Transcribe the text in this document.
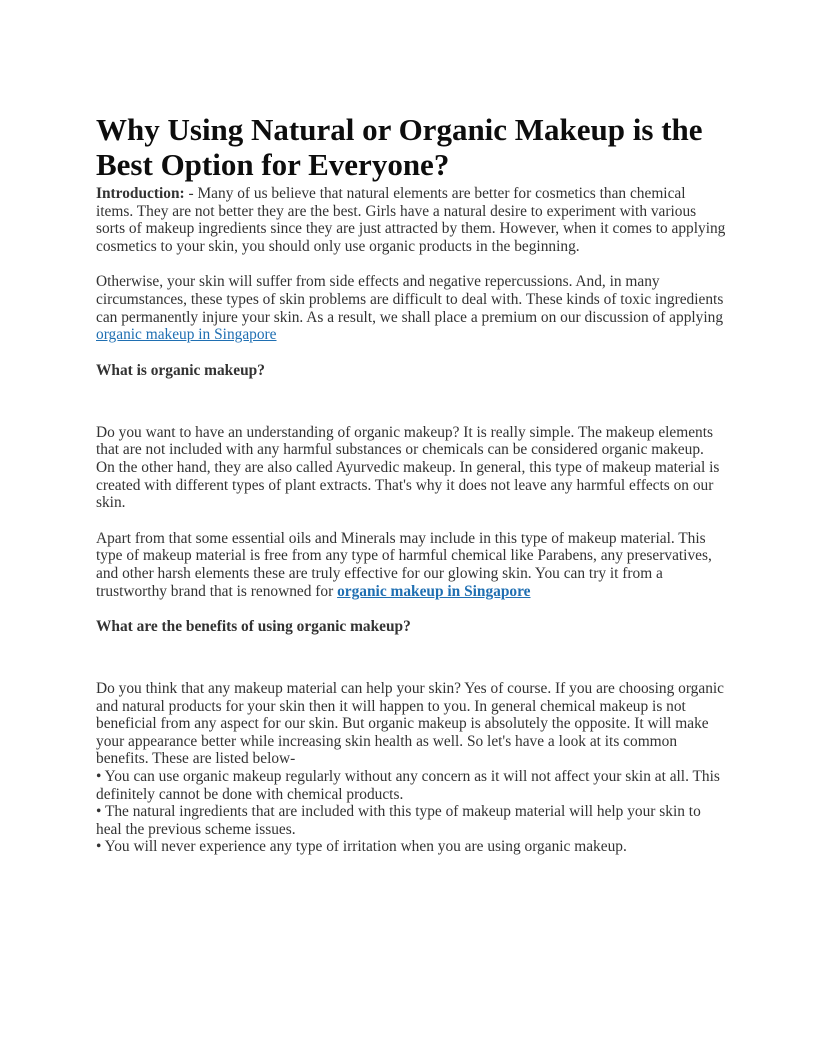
Why Using Natural or Organic Makeup is the Best Option for Everyone?

Introduction: - Many of us believe that natural elements are better for cosmetics than chemical items. They are not better they are the best. Girls have a natural desire to experiment with various sorts of makeup ingredients since they are just attracted by them. However, when it comes to applying cosmetics to your skin, you should only use organic products in the beginning.

Otherwise, your skin will suffer from side effects and negative repercussions. And, in many circumstances, these types of skin problems are difficult to deal with. These kinds of toxic ingredients can permanently injure your skin. As a result, we shall place a premium on our discussion of applying organic makeup in Singapore

What is organic makeup?

Do you want to have an understanding of organic makeup? It is really simple. The makeup elements that are not included with any harmful substances or chemicals can be considered organic makeup. On the other hand, they are also called Ayurvedic makeup. In general, this type of makeup material is created with different types of plant extracts. That's why it does not leave any harmful effects on our skin.

Apart from that some essential oils and Minerals may include in this type of makeup material. This type of makeup material is free from any type of harmful chemical like Parabens, any preservatives, and other harsh elements these are truly effective for our glowing skin. You can try it from a trustworthy brand that is renowned for organic makeup in Singapore

What are the benefits of using organic makeup?

Do you think that any makeup material can help your skin? Yes of course. If you are choosing organic and natural products for your skin then it will happen to you. In general chemical makeup is not beneficial from any aspect for our skin. But organic makeup is absolutely the opposite. It will make your appearance better while increasing skin health as well. So let's have a look at its common benefits. These are listed below-
• You can use organic makeup regularly without any concern as it will not affect your skin at all. This definitely cannot be done with chemical products.
• The natural ingredients that are included with this type of makeup material will help your skin to heal the previous scheme issues.
• You will never experience any type of irritation when you are using organic makeup.
